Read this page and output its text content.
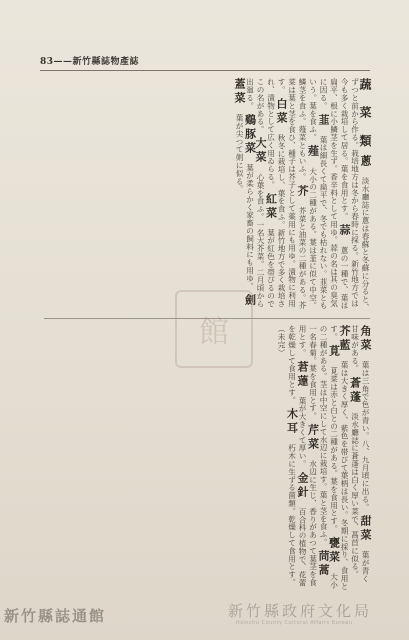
83——新竹縣誌物產誌
蔬 菜 類 蔥　淡水廳誌に蔥は春蘇と冬蘇に分ると、ずつと前から作る。栽培地方は冬から春時に採る。新竹地方では今も多く栽培して居る。葉を食用とす。　蒜　蔥の一種で、葉は扁平、根に小鱗茎を生ず。香辛料として用ゆ。蒜の名は其の臭気に因る。　韮　葉は細長くて扁平で、冬でも枯れない。韮菜ともいう。葉を食ふ。　薤　大小の二種がある。葉は韮に似て中空。鱗茎を食ふ。薤菜ともいふ。　芥　芥菜と油菜の二種がある。芥菜は葉と茎を食ひ、種子は芥子として薬用にも用ゆ。漬物に利用す。　白菜　秋冬に栽培し、葉を食ふ。新竹地方で多く栽培され、漬物として広く用ゐらる。　紅菜　葉が紅色を帯びるのでこの名がある。　大菜　心葉を食ふ。一名大芥菜。二月頃から出廻る。　鷄豚菜　葉が柔らかく家畜の飼料にも用ゆ。　劍蓋菜　葉が尖つて剣に似る。　
角菜　葉は三角で色が青い。八、九月頃に出る。　甜菜　葉が青く甘味がある。　蒼蓬　淡水廳誌に蒼蓬は白く厚い菜で、萵苣に似る。　芥藍　葉は大きく厚く、紫色を帯びて葉柄は長い。冬期に採り、食用とす。　莧　莧菜は赤と白との二種がある。葉を食用とす。　甕菜　大小の二種がある。茎は中空にして水辺に栽培す。葉と茎を食ふ。　茼蒿　一名春菊。葉を食用とす。　芹菜　水辺に生じ、香りがあつて葉茎を食用とす。　莙薘　葉が大きくて厚い。　金針　百合科の植物で、花蕾を乾燥して食用とす。　木耳　朽木に生ずる菌類。乾燥して食用とす。　 （未完）
館
新竹縣誌通館	新竹縣政府文化局
Hsinchu County Cultural Affairs Bureau
